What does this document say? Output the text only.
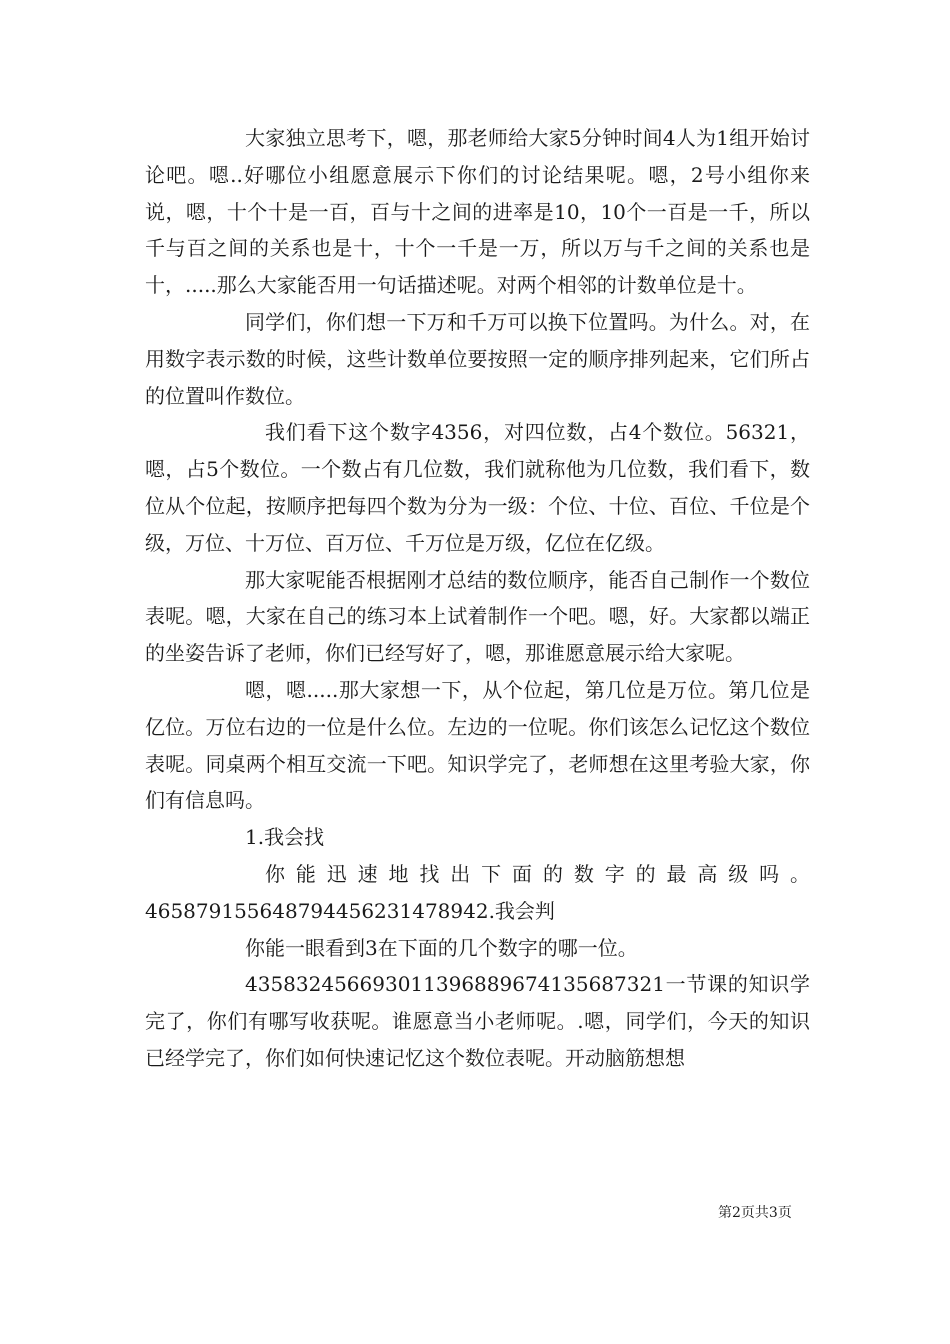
大家独立思考下，嗯，那老师给大家5分钟时间4人为1组开始讨论吧。嗯..好哪位小组愿意展示下你们的讨论结果呢。嗯，2号小组你来说，嗯，十个十是一百，百与十之间的进率是10，10个一百是一千，所以千与百之间的关系也是十，十个一千是一万，所以万与千之间的关系也是十，.....那么大家能否用一句话描述呢。对两个相邻的计数单位是十。

同学们，你们想一下万和千万可以换下位置吗。为什么。对，在用数字表示数的时候，这些计数单位要按照一定的顺序排列起来，它们所占的位置叫作数位。

我们看下这个数字4356，对四位数，占4个数位。56321，嗯，占5个数位。一个数占有几位数，我们就称他为几位数，我们看下，数位从个位起，按顺序把每四个数为分为一级：个位、十位、百位、千位是个级，万位、十万位、百万位、千万位是万级，亿位在亿级。

那大家呢能否根据刚才总结的数位顺序，能否自己制作一个数位表呢。嗯，大家在自己的练习本上试着制作一个吧。嗯，好。大家都以端正的坐姿告诉了老师，你们已经写好了，嗯，那谁愿意展示给大家呢。

嗯，嗯.....那大家想一下，从个位起，第几位是万位。第几位是亿位。万位右边的一位是什么位。左边的一位呢。你们该怎么记忆这个数位表呢。同桌两个相互交流一下吧。知识学完了，老师想在这里考验大家，你们有信息吗。

1.我会找

你能迅速地找出下面的数字的最高级吗。46587915564879445623147894​2.我会判

你能一眼看到3在下面的几个数字的哪一位。

4358324566930113968896741356873​21一节课的知识学完了，你们有哪写收获呢。谁愿意当小老师呢。.嗯，同学们，今天的知识已经学完了，你们如何快速记忆这个数位表呢。开动脑筋想想

第2页共3页
